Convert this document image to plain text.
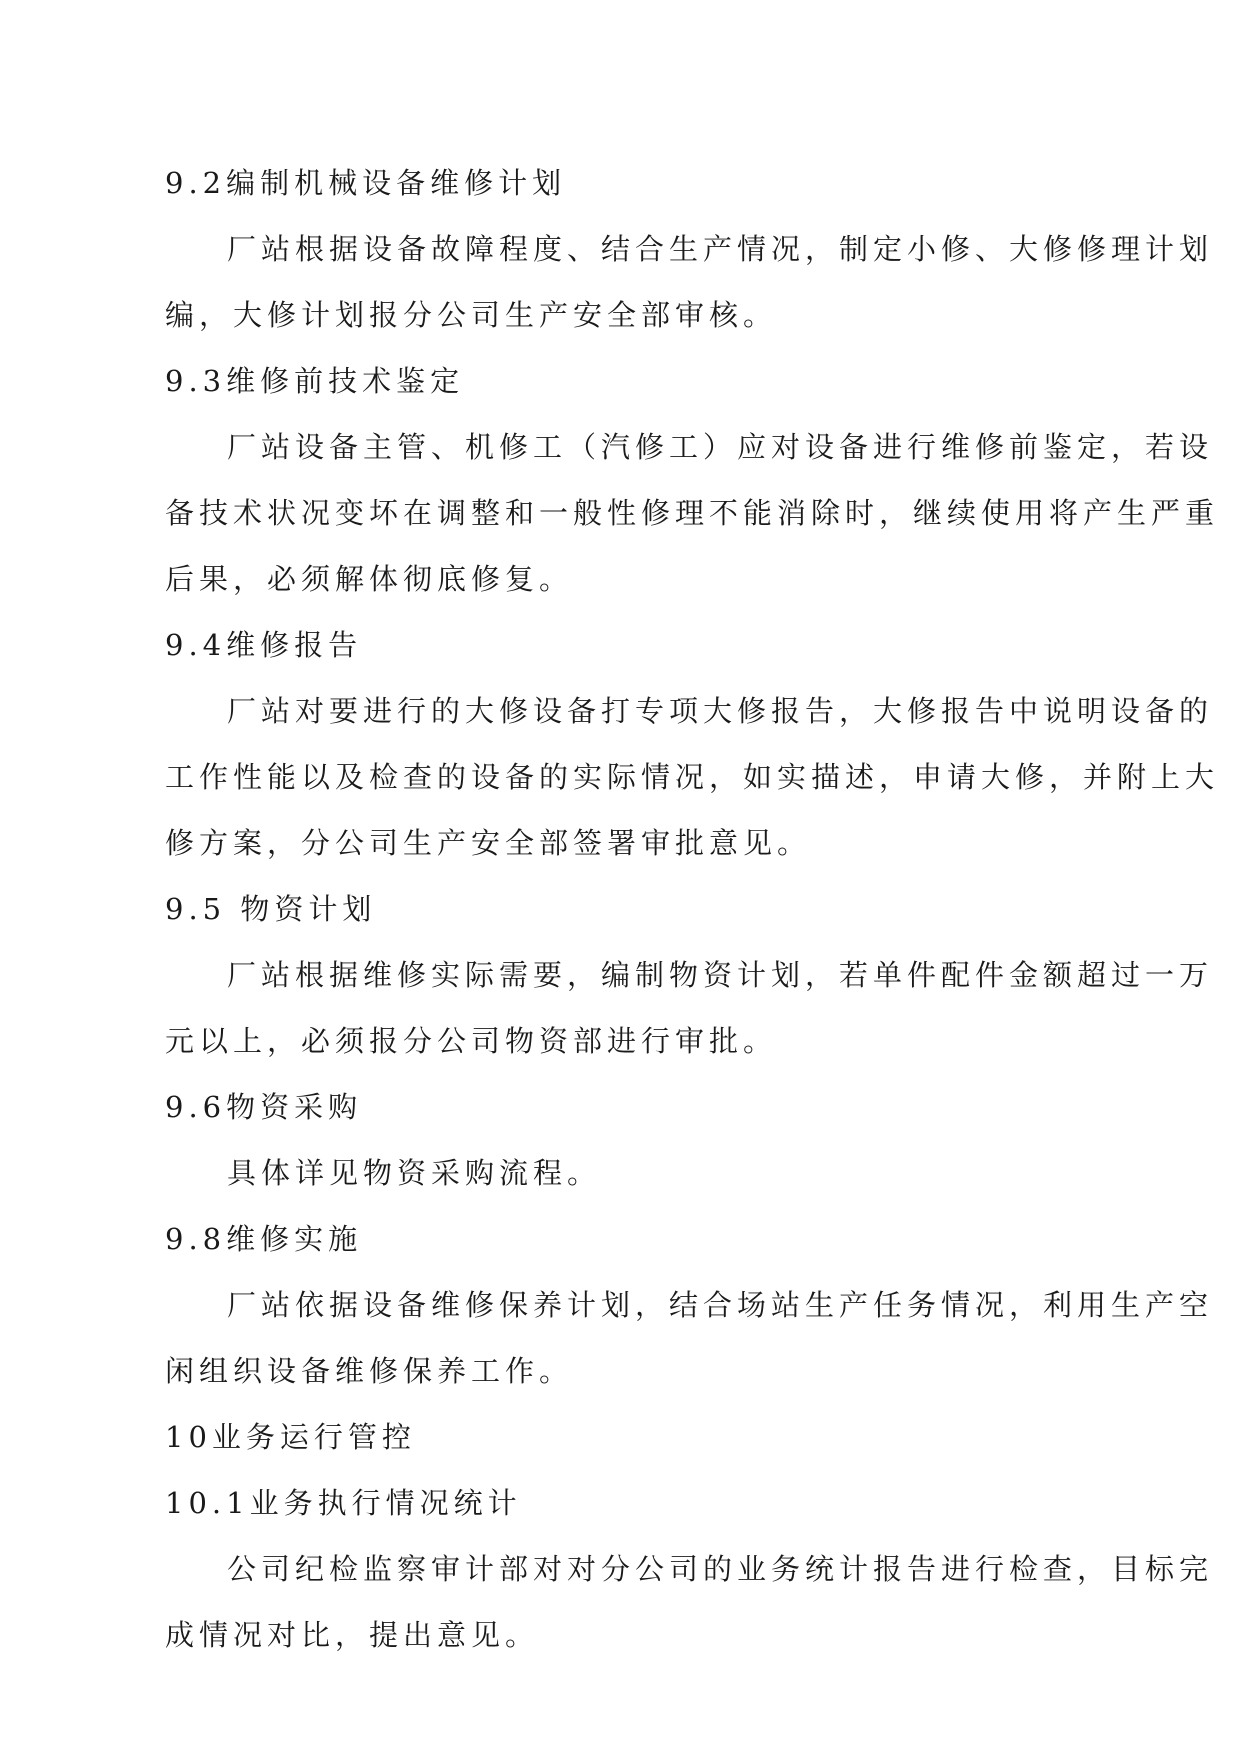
9.2编制机械设备维修计划
厂站根据设备故障程度、结合生产情况，制定小修、大修修理计划
编，大修计划报分公司生产安全部审核。
9.3维修前技术鉴定
厂站设备主管、机修工（汽修工）应对设备进行维修前鉴定，若设
备技术状况变坏在调整和一般性修理不能消除时，继续使用将产生严重
后果，必须解体彻底修复。
9.4维修报告
厂站对要进行的大修设备打专项大修报告，大修报告中说明设备的
工作性能以及检查的设备的实际情况，如实描述，申请大修，并附上大
修方案，分公司生产安全部签署审批意见。
9.5 物资计划
厂站根据维修实际需要，编制物资计划，若单件配件金额超过一万
元以上，必须报分公司物资部进行审批。
9.6物资采购
具体详见物资采购流程。
9.8维修实施
厂站依据设备维修保养计划，结合场站生产任务情况，利用生产空
闲组织设备维修保养工作。
10业务运行管控
10.1业务执行情况统计
公司纪检监察审计部对对分公司的业务统计报告进行检查，目标完
成情况对比，提出意见。
